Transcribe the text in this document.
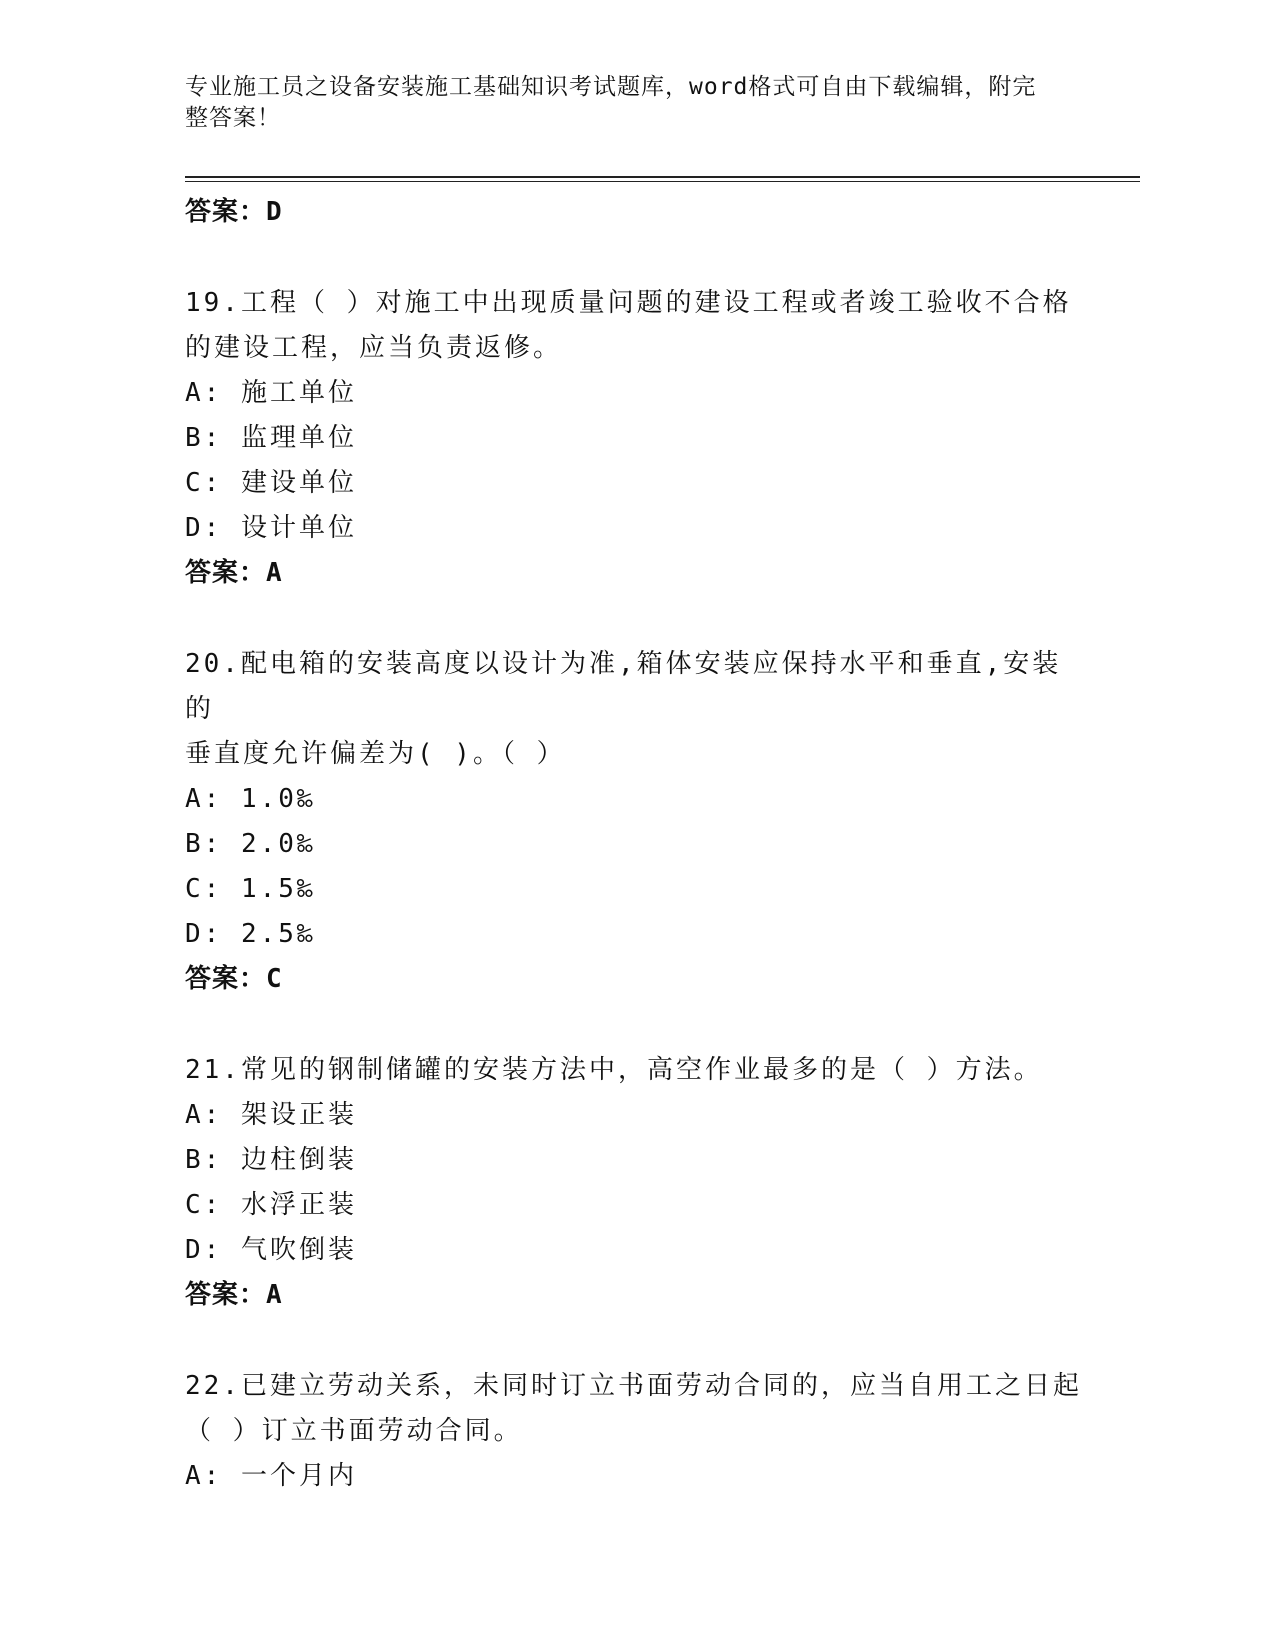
专业施工员之设备安装施工基础知识考试题库，word格式可自由下载编辑，附完
整答案！
答案：D
19.工程（ ）对施工中出现质量问题的建设工程或者竣工验收不合格
的建设工程，应当负责返修。
A: 施工单位
B: 监理单位
C: 建设单位
D: 设计单位
答案：A
20.配电箱的安装高度以设计为准,箱体安装应保持水平和垂直,安装的
垂直度允许偏差为( )。（ ）
A: 1.0‰
B: 2.0‰
C: 1.5‰
D: 2.5‰
答案：C
21.常见的钢制储罐的安装方法中，高空作业最多的是（ ）方法。
A: 架设正装
B: 边柱倒装
C: 水浮正装
D: 气吹倒装
答案：A
22.已建立劳动关系，未同时订立书面劳动合同的，应当自用工之日起
（ ）订立书面劳动合同。
A: 一个月内
